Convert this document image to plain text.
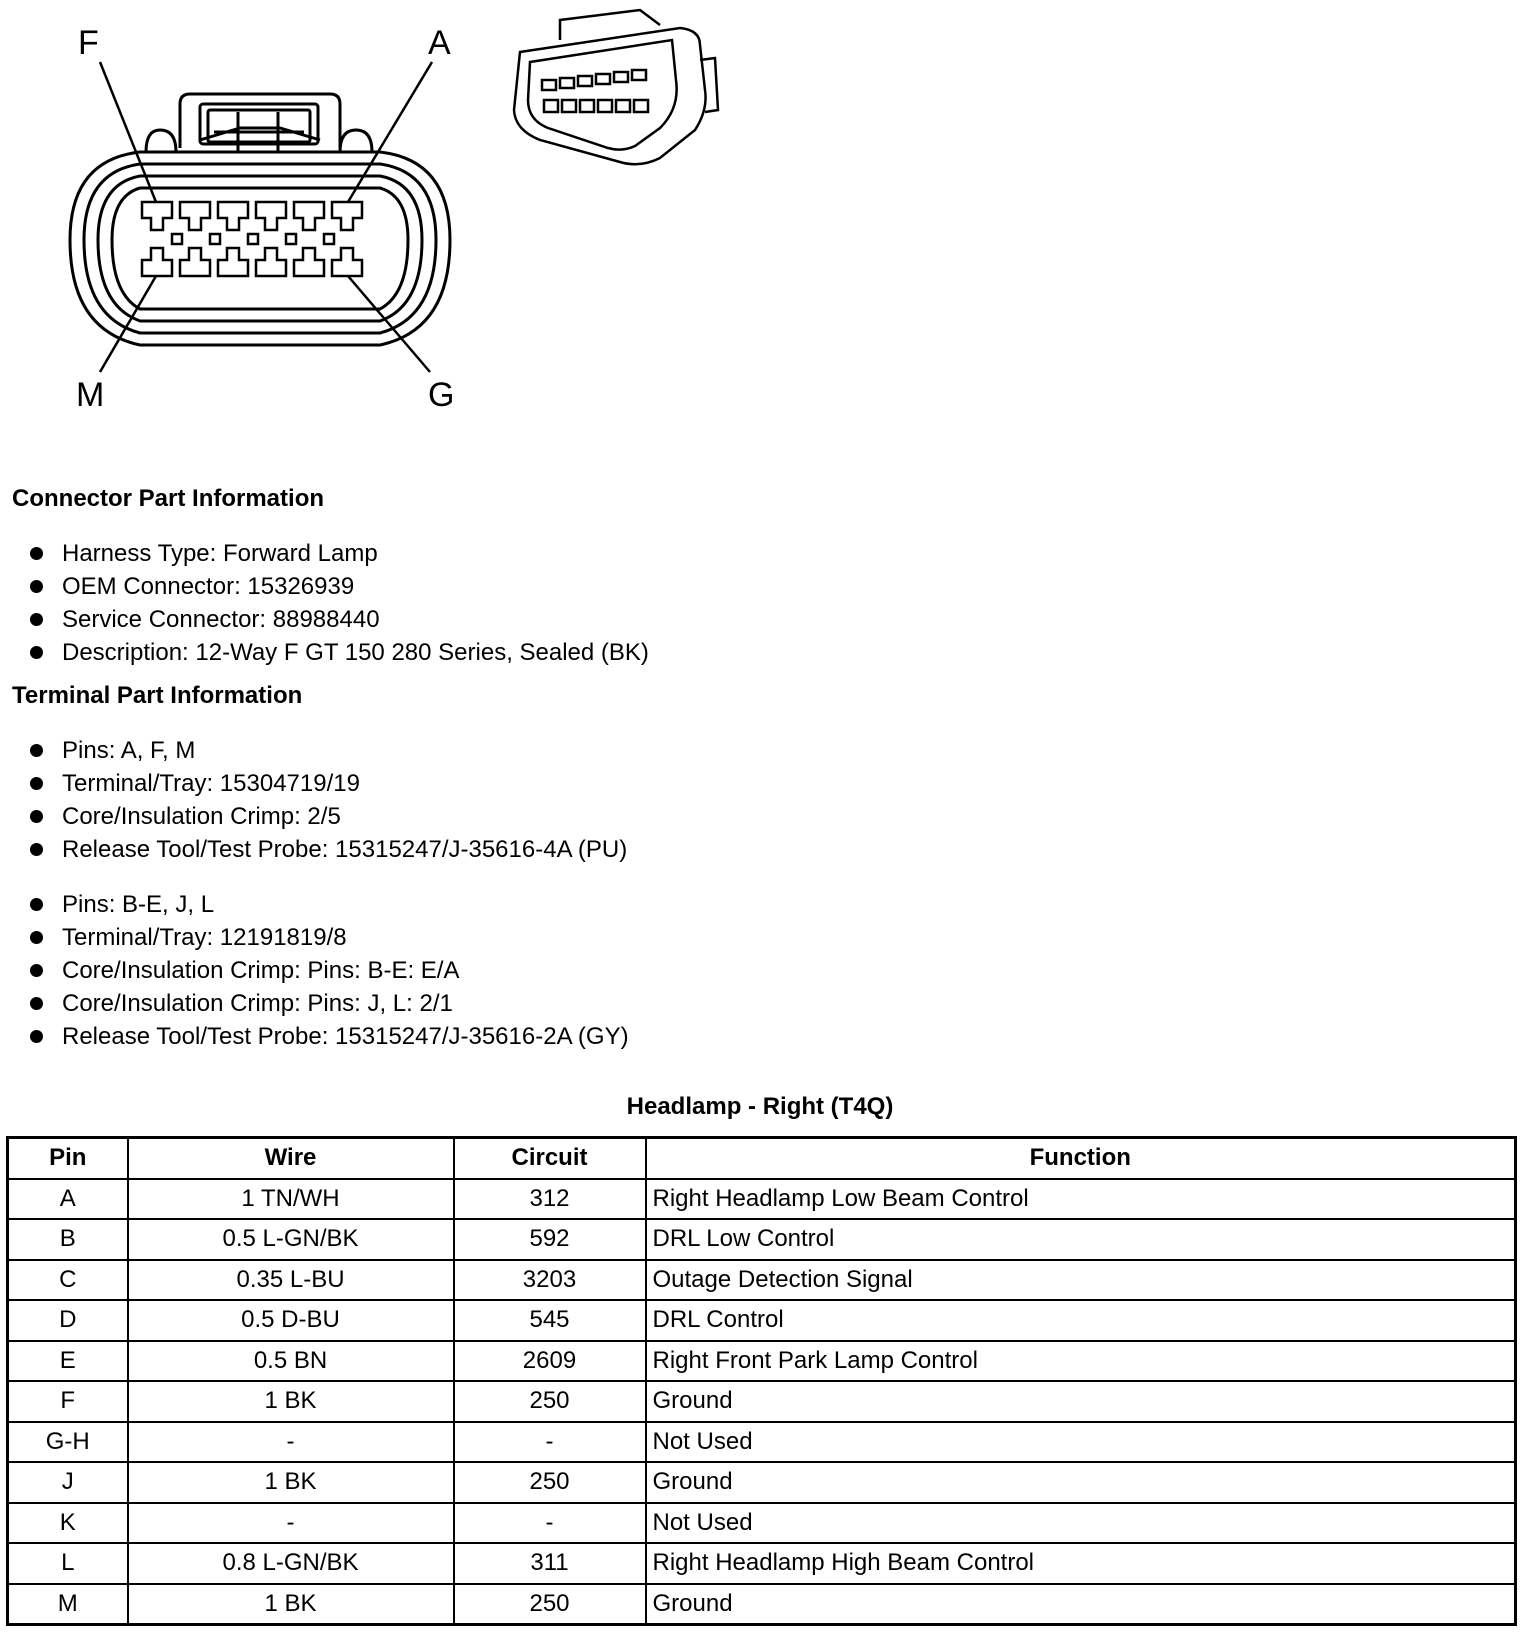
F	A
M	G
Connector Part Information
Harness Type: Forward Lamp
OEM Connector: 15326939
Service Connector: 88988440
Description: 12-Way F GT 150 280 Series, Sealed (BK)
Terminal Part Information
Pins: A, F, M
Terminal/Tray: 15304719/19
Core/Insulation Crimp: 2/5
Release Tool/Test Probe: 15315247/J-35616-4A (PU)
Pins: B-E, J, L
Terminal/Tray: 12191819/8
Core/Insulation Crimp: Pins: B-E: E/A
Core/Insulation Crimp: Pins: J, L: 2/1
Release Tool/Test Probe: 15315247/J-35616-2A (GY)
Headlamp - Right (T4Q)
Pin	Wire	Circuit	Function
A	1 TN/WH	312	Right Headlamp Low Beam Control
B	0.5 L-GN/BK	592	DRL Low Control
C	0.35 L-BU	3203	Outage Detection Signal
D	0.5 D-BU	545	DRL Control
E	0.5 BN	2609	Right Front Park Lamp Control
F	1 BK	250	Ground
G-H	-	-	Not Used
J	1 BK	250	Ground
K	-	-	Not Used
L	0.8 L-GN/BK	311	Right Headlamp High Beam Control
M	1 BK	250	Ground
